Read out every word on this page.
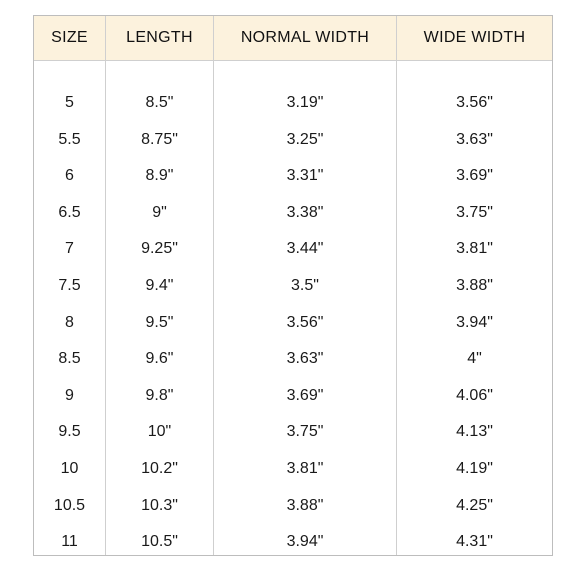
SIZE	LENGTH	NORMAL WIDTH	WIDE WIDTH
5	8.5"	3.19"	3.56"
5.5	8.75"	3.25"	3.63"
6	8.9"	3.31"	3.69"
6.5	9"	3.38"	3.75"
7	9.25"	3.44"	3.81"
7.5	9.4"	3.5"	3.88"
8	9.5"	3.56"	3.94"
8.5	9.6"	3.63"	4"
9	9.8"	3.69"	4.06"
9.5	10"	3.75"	4.13"
10	10.2"	3.81"	4.19"
10.5	10.3"	3.88"	4.25"
11	10.5"	3.94"	4.31"
